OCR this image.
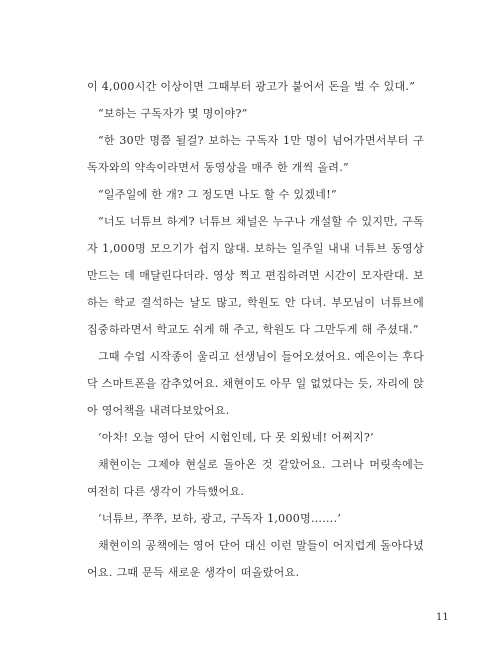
이 4,000시간 이상이면 그때부터 광고가 붙어서 돈을 벌 수 있대.”

“보하는 구독자가 몇 명이야?”

“한 30만 명쯤 될걸? 보하는 구독자 1만 명이 넘어가면서부터 구독자와의 약속이라면서 동영상을 매주 한 개씩 올려.”

“일주일에 한 개? 그 정도면 나도 할 수 있겠네!”

“너도 너튜브 하게? 너튜브 채널은 누구나 개설할 수 있지만, 구독자 1,000명 모으기가 쉽지 않대. 보하는 일주일 내내 너튜브 동영상 만드는 데 매달린다더라. 영상 찍고 편집하려면 시간이 모자란대. 보하는 학교 결석하는 날도 많고, 학원도 안 다녀. 부모님이 너튜브에 집중하라면서 학교도 쉬게 해 주고, 학원도 다 그만두게 해 주셨대.”

그때 수업 시작종이 울리고 선생님이 들어오셨어요. 예은이는 후다닥 스마트폰을 감추었어요. 채현이도 아무 일 없었다는 듯, 자리에 앉아 영어책을 내려다보았어요.

‘아차! 오늘 영어 단어 시험인데, 다 못 외웠네! 어쩌지?’

채현이는 그제야 현실로 돌아온 것 같았어요. 그러나 머릿속에는 여전히 다른 생각이 가득했어요.

‘너튜브, 쭈쭈, 보하, 광고, 구독자 1,000명…….’

채현이의 공책에는 영어 단어 대신 이런 말들이 어지럽게 돌아다녔어요. 그때 문득 새로운 생각이 떠올랐어요.

11
